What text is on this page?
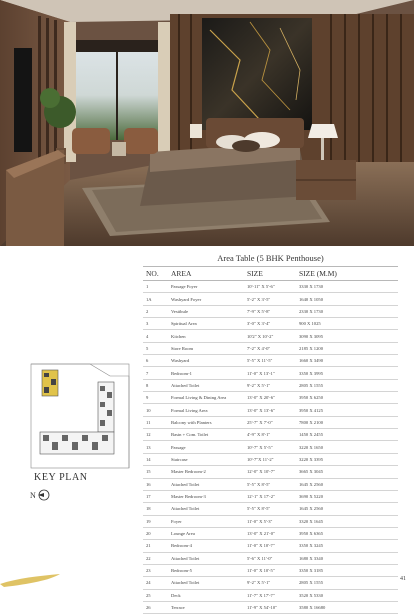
Area Table (5 BHK Penthouse)
NO.	AREA	SIZE	SIZE (M.M)
1	Passage Foyer	10'-11" X 5'-6"	3330 X 1730
1A	Washyard Foyer	5'-2" X 3'-5"	1640 X 1050
2	Vestibule	7'-9" X 5'-8"	2330 X 1730
3	Spiritual Area	3'-0" X 3'-4"	900 X 1025
4	Kitchen	10'2" X 10'-2"	3090 X 3095
5	Store Room	7'-2" X 4'-0"	2185 X 1200
6	Washyard	5'-5" X 11'-5"	1660 X 3490
7	Bedroom-1	11'-0" X 13'-1"	3350 X 3995
8	Attached Toilet	9'-2" X 5'-1"	2805 X 1555
9	Formal Living & Dining Area	13'-0" X 20'-6"	3950 X 6250
10	Formal Living Area	13'-0" X 13'-6"	3950 X 4125
11	Balcony with Planters	25'-7" X 7'-0"	7800 X 2100
12	Basin + Com. Toilet	4'-9" X 8'-1"	1450 X 2455
13	Passage	10'-7" X 5'-5"	3220 X 1650
14	Staircase	10'-7"X 11'-2"	3220 X 3395
15	Master Bedroom-2	12'-0" X 10'-7"	3665 X 3045
16	Attached Toilet	5'-5" X 8'-5"	1645 X 2560
17	Master Bedroom-3	12'-1" X 17'-2"	3690 X 5220
18	Attached Toilet	5'-5" X 8'-5"	1645 X 2560
19	Foyer	11'-0" X 5'-3"	3320 X 1645
20	Lounge Area	13'-0" X 21'-0"	3950 X 6365
21	Bedroom-4	11'-0" X 10'-7"	3350 X 3245
22	Attached Toilet	5'-6" X 11'-0"	1680 X 3340
23	Bedroom-5	11'-0" X 10'-5"	3350 X 3185
24	Attached Toilet	9'-2" X 5'-1"	2805 X 1555
25	Deck	11'-7" X 17'-7"	3520 X 5330
26	Terrace	11'-9" X 54'-10"	3580 X 16680
KEY PLAN
N
41
